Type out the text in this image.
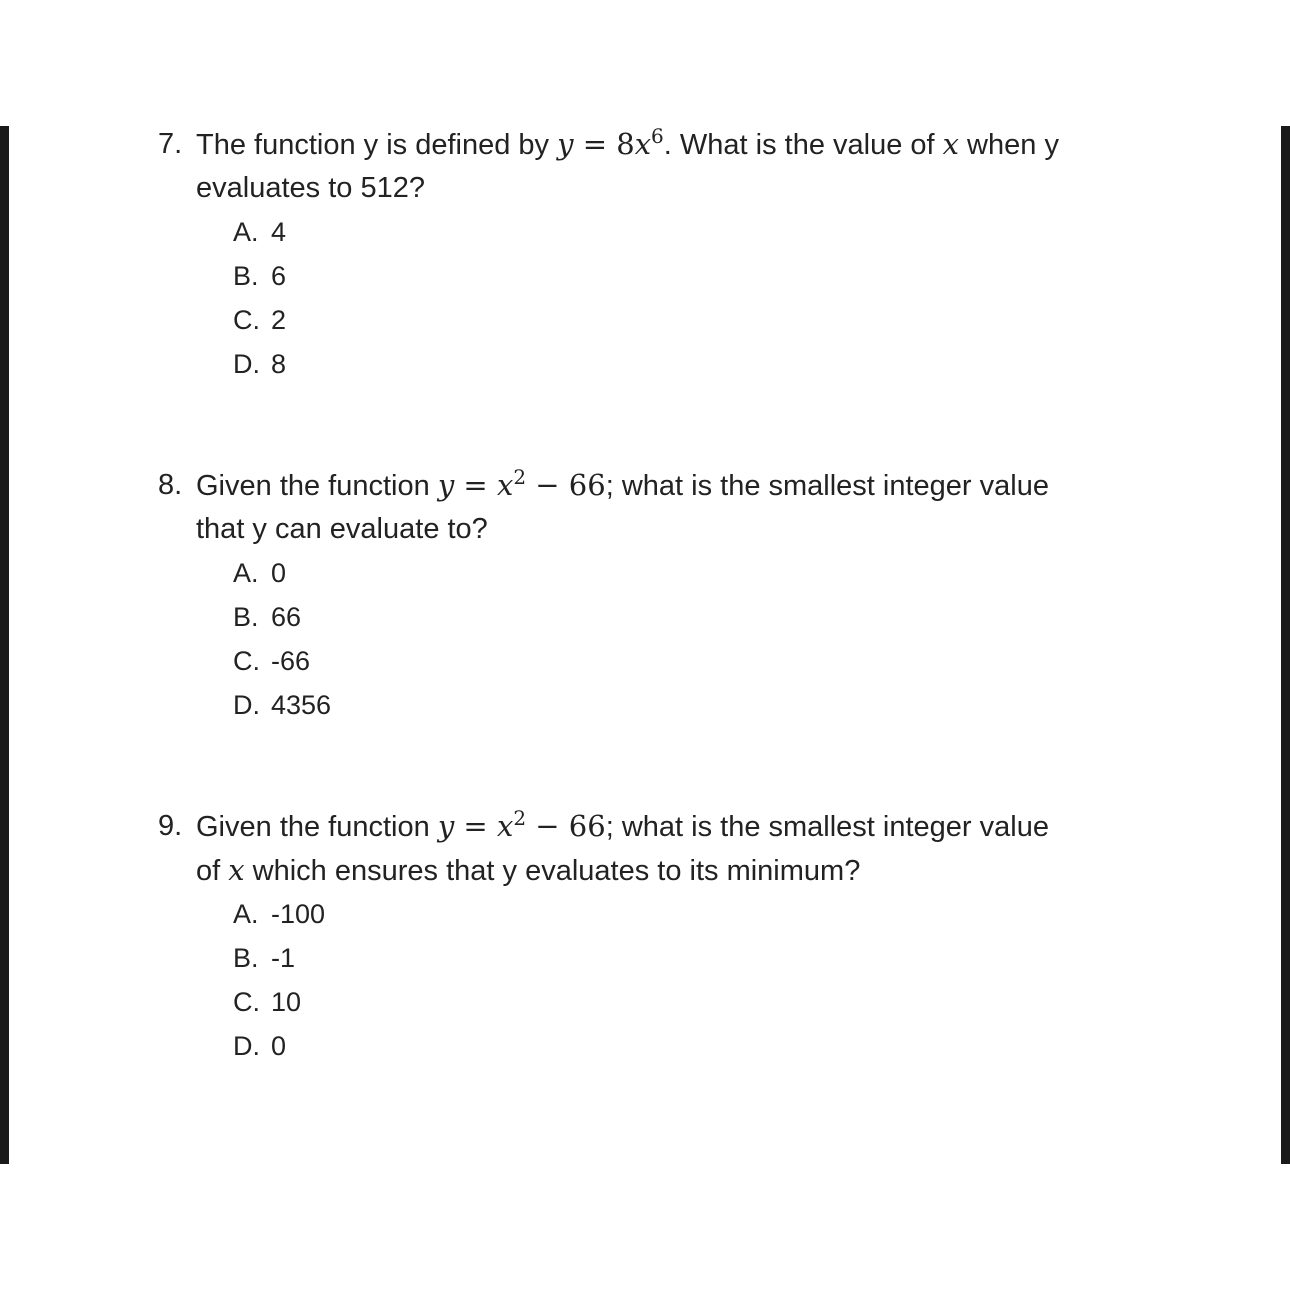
7. The function y is defined by $y = 8x^6$. What is the value of x when y
evaluates to 512?
A. 4
B. 6
C. 2
D. 8
8. Given the function $y = x^2 - 66$; what is the smallest integer value
that y can evaluate to?
A. 0
B. 66
C. -66
D. 4356
9. Given the function $y = x^2 - 66$; what is the smallest integer value
of x which ensures that y evaluates to its minimum?
A. -100
B. -1
C. 10
D. 0
